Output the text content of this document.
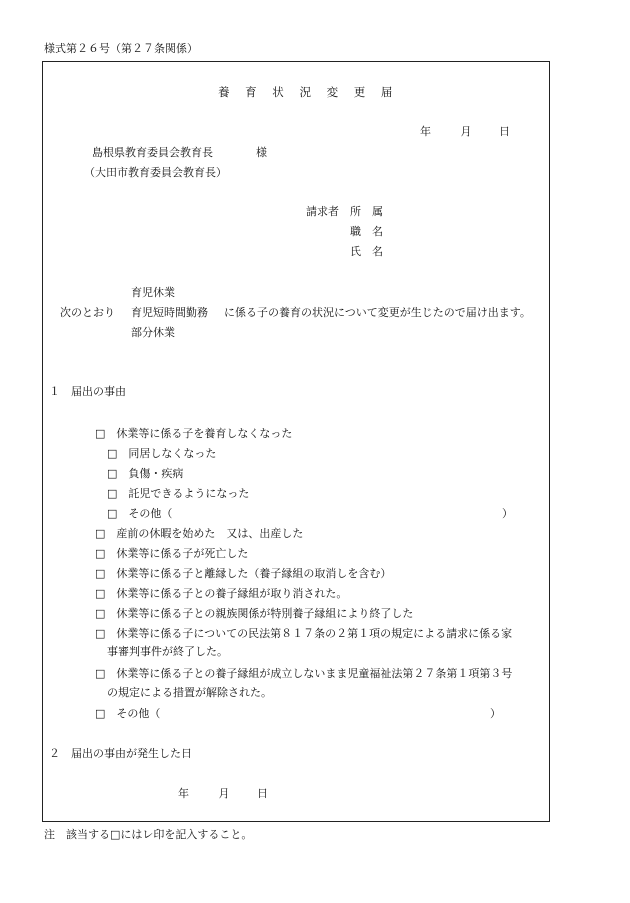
様式第２６号（第２７条関係）
養 育 状 況 変 更 届
年	月	日
島根県教育委員会教育長	様
（大田市教育委員会教育長）
請求者 所　属
職　名
氏　名
育児休業
次のとおり 育児短時間勤務 に係る子の養育の状況について変更が生じたので届け出ます。
部分休業
１　届出の事由
□　休業等に係る子を養育しなくなった
□　同居しなくなった
□　負傷・疾病
□　託児できるようになった
□　その他（	）
□　産前の休暇を始めた　又は、出産した
□　休業等に係る子が死亡した
□　休業等に係る子と離縁した（養子縁組の取消しを含む）
□　休業等に係る子との養子縁組が取り消された。
□　休業等に係る子との親族関係が特別養子縁組により終了した
□　休業等に係る子についての民法第８１７条の２第１項の規定による請求に係る家
事審判事件が終了した。
□　休業等に係る子との養子縁組が成立しないまま児童福祉法第２７条第１項第３号
の規定による措置が解除された。
□　その他（	）
２　届出の事由が発生した日
年	月	日
注　該当する□にはレ印を記入すること。
